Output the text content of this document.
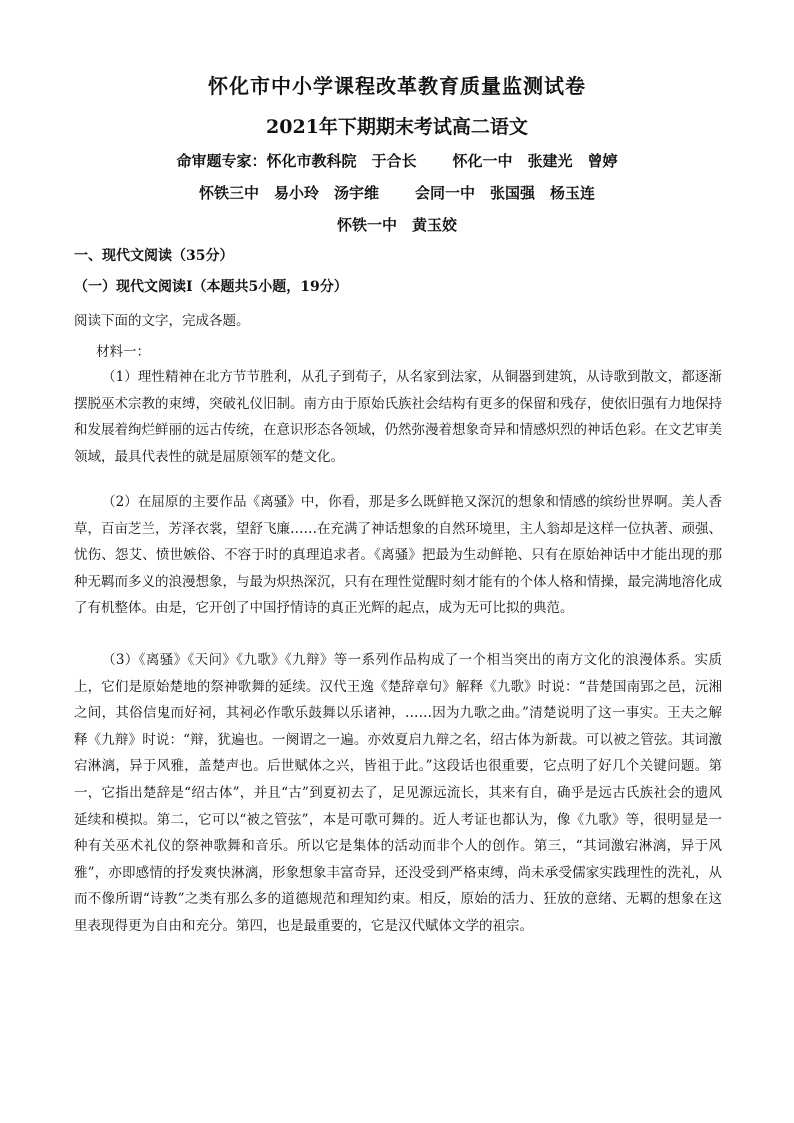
怀化市中小学课程改革教育质量监测试卷
2021年下期期末考试高二语文
命审题专家：怀化市教科院　于合长 怀化一中　张建光　曾婷
怀铁三中　易小玲　汤宇维 会同一中　张国强　杨玉连
怀铁一中　黄玉姣
一、现代文阅读（35分）
（一）现代文阅读Ⅰ（本题共5小题，19分）
阅读下面的文字，完成各题。
材料一：

（1）理性精神在北方节节胜利，从孔子到荀子，从名家到法家，从铜器到建筑，从诗歌到散文，都逐渐摆脱巫术宗教的束缚，突破礼仪旧制。南方由于原始氏族社会结构有更多的保留和残存，使依旧强有力地保持和发展着绚烂鲜丽的远古传统，在意识形态各领域，仍然弥漫着想象奇异和情感炽烈的神话色彩。在文艺审美领域，最具代表性的就是屈原领军的楚文化。

（2）在屈原的主要作品《离骚》中，你看，那是多么既鲜艳又深沉的想象和情感的缤纷世界啊。美人香草，百亩芝兰，芳泽衣裳，望舒飞廉……在充满了神话想象的自然环境里，主人翁却是这样一位执著、顽强、忧伤、怨艾、愤世嫉俗、不容于时的真理追求者。《离骚》把最为生动鲜艳、只有在原始神话中才能出现的那种无羁而多义的浪漫想象，与最为炽热深沉，只有在理性觉醒时刻才能有的个体人格和情操，最完满地溶化成了有机整体。由是，它开创了中国抒情诗的真正光辉的起点，成为无可比拟的典范。

（3）《离骚》《天问》《九歌》《九辩》等一系列作品构成了一个相当突出的南方文化的浪漫体系。实质上，它们是原始楚地的祭神歌舞的延续。汉代王逸《楚辞章句》解释《九歌》时说：“昔楚国南郢之邑，沅湘之间，其俗信鬼而好祠，其祠必作歌乐鼓舞以乐诸神，……因为九歌之曲。”清楚说明了这一事实。王夫之解释《九辩》时说：“辩，犹遍也。一阕谓之一遍。亦效夏启九辩之名，绍古体为新裁。可以被之管弦。其词激宕淋漓，异于风雅，盖楚声也。后世赋体之兴，皆祖于此。”这段话也很重要，它点明了好几个关键问题。第一，它指出楚辞是“绍古体”，并且“古”到夏初去了，足见源远流长，其来有自，确乎是远古氏族社会的遗风延续和模拟。第二，它可以“被之管弦”，本是可歌可舞的。近人考证也都认为，像《九歌》等，很明显是一种有关巫术礼仪的祭神歌舞和音乐。所以它是集体的活动而非个人的创作。第三，“其词激宕淋漓，异于风雅”，亦即感情的抒发爽快淋漓，形象想象丰富奇异，还没受到严格束缚，尚未承受儒家实践理性的洗礼，从而不像所谓“诗教”之类有那么多的道德规范和理知约束。相反，原始的活力、狂放的意绪、无羁的想象在这里表现得更为自由和充分。第四，也是最重要的，它是汉代赋体文学的祖宗。
